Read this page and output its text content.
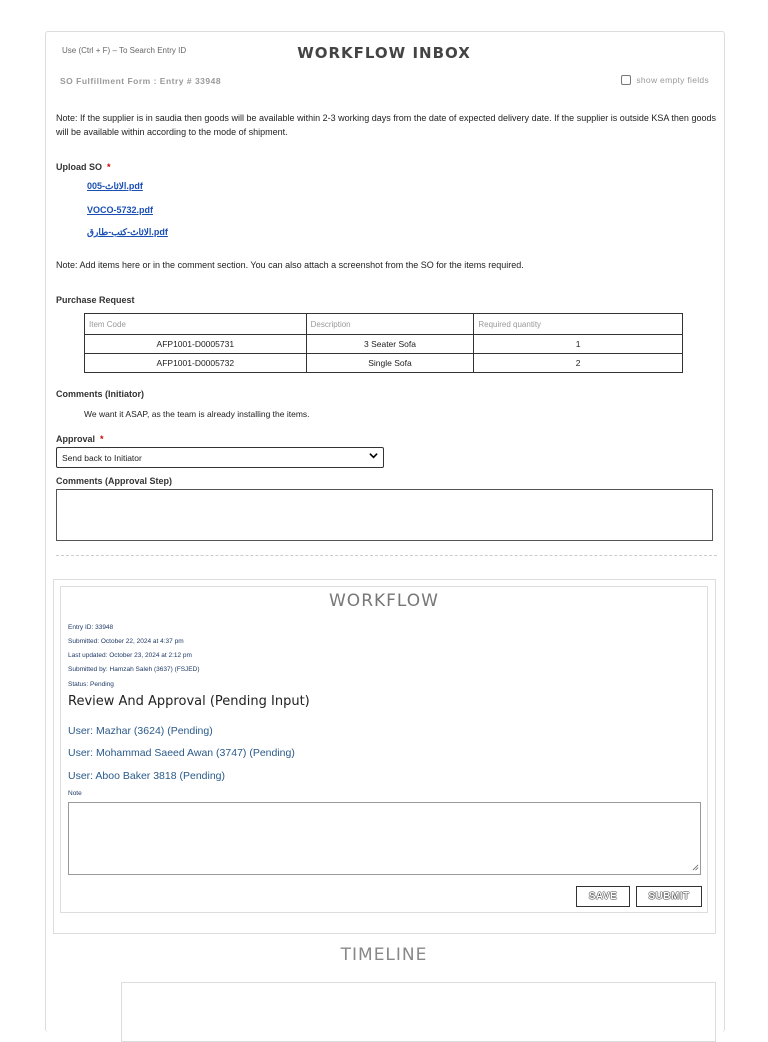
Use (Ctrl + F) – To Search Entry ID	WORKFLOW INBOX
SO Fulfillment Form : Entry # 33948	show empty fields
Note: If the supplier is in saudia then goods will be available within 2-3 working days from the date of expected delivery date. If the supplier is outside KSA then goods will be available within according to the mode of shipment.
Upload SO *
005-الاثاث.pdf
VOCO-5732.pdf
الاثاث-كتب-طارق.pdf
Note: Add items here or in the comment section. You can also attach a screenshot from the SO for the items required.
Purchase Request
Item Code	Description	Required quantity
AFP1001-D0005731	3 Seater Sofa	1
AFP1001-D0005732	Single Sofa	2
Comments (Initiator)
We want it ASAP, as the team is already installing the items.
Approval *
Send back to Initiator
Comments (Approval Step)
WORKFLOW
Entry ID: 33948
Submitted: October 22, 2024 at 4:37 pm
Last updated: October 23, 2024 at 2:12 pm
Submitted by: Hamzah Saleh (3637) (FSJED)
Status: Pending
Review And Approval (Pending Input)
User: Mazhar (3624) (Pending)
User: Mohammad Saeed Awan (3747) (Pending)
User: Aboo Baker 3818 (Pending)
Note
SAVE	SUBMIT
TIMELINE
